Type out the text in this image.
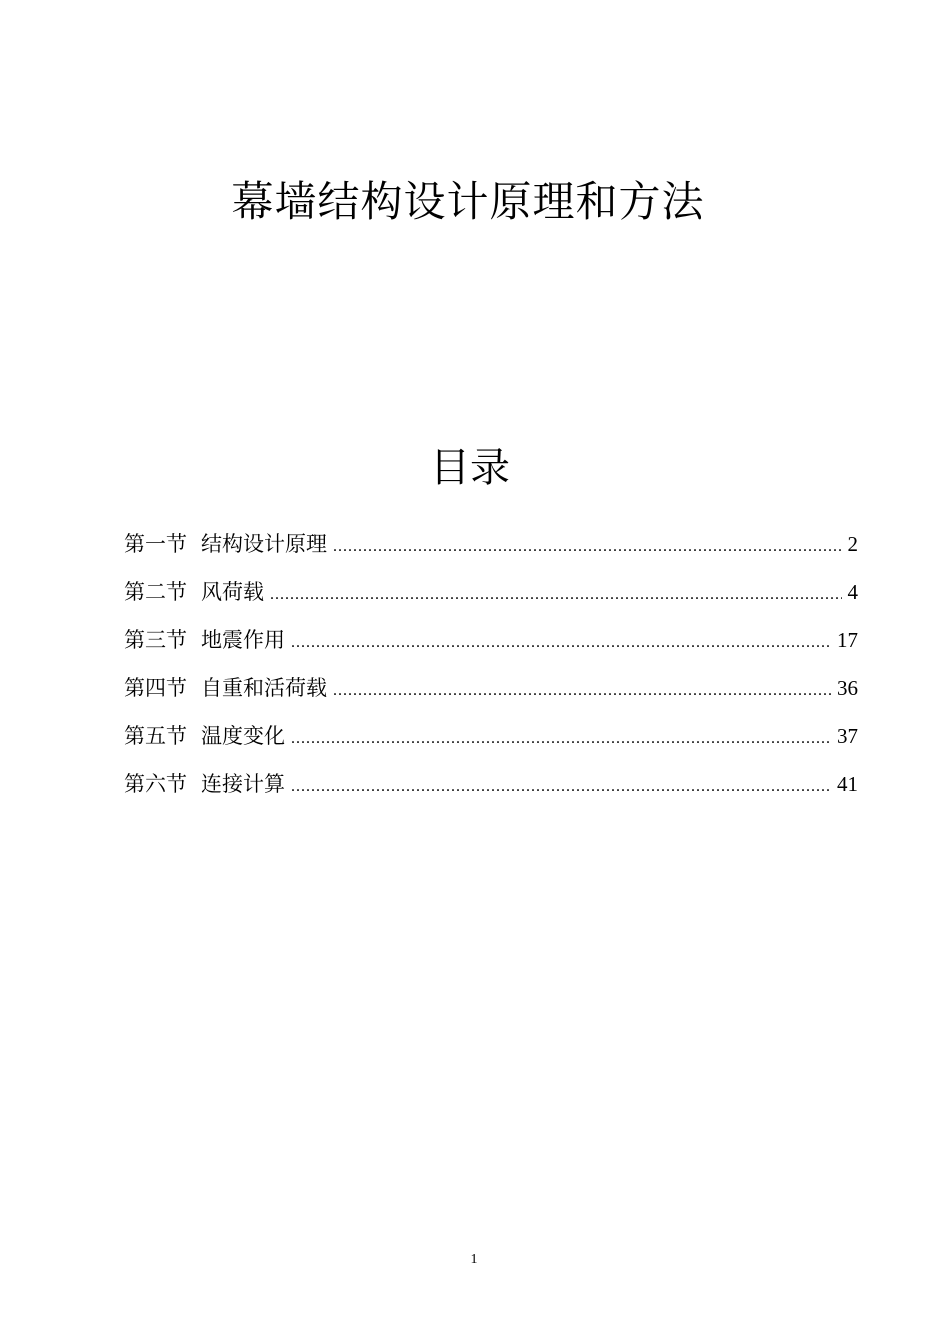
幕墙结构设计原理和方法
目录
第一节 结构设计原理 .....	2
第二节 风荷载 .....	4
第三节 地震作用 .....	17
第四节 自重和活荷载 .....	36
第五节 温度变化 .....	37
第六节 连接计算 .....	41
1
